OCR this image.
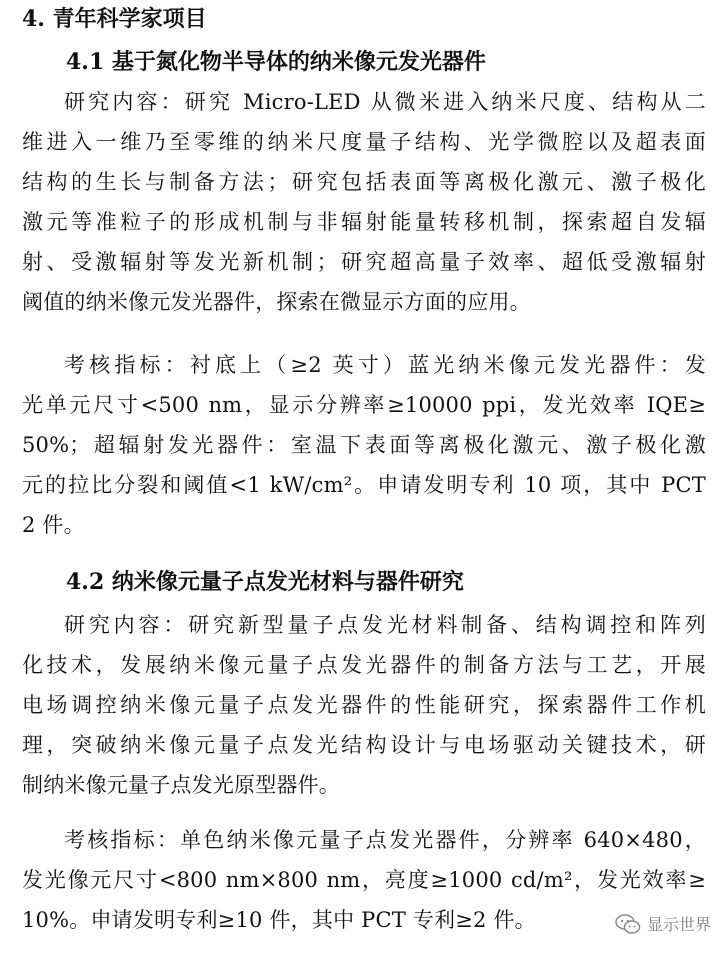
4. 青年科学家项目
4.1 基于氮化物半导体的纳米像元发光器件
研究内容：研究 Micro-LED 从微米进入纳米尺度、结构从二
维进入一维乃至零维的纳米尺度量子结构、光学微腔以及超表面
结构的生长与制备方法；研究包括表面等离极化激元、激子极化
激元等准粒子的形成机制与非辐射能量转移机制，探索超自发辐
射、受激辐射等发光新机制；研究超高量子效率、超低受激辐射
阈值的纳米像元发光器件，探索在微显示方面的应用。
考核指标：衬底上（≥2 英寸）蓝光纳米像元发光器件：发
光单元尺寸<500 nm，显示分辨率≥10000 ppi，发光效率 IQE≥
50%；超辐射发光器件：室温下表面等离极化激元、激子极化激
元的拉比分裂和阈值<1 kW/cm²。申请发明专利 10 项，其中 PCT
2 件。
4.2 纳米像元量子点发光材料与器件研究
研究内容：研究新型量子点发光材料制备、结构调控和阵列
化技术，发展纳米像元量子点发光器件的制备方法与工艺，开展
电场调控纳米像元量子点发光器件的性能研究，探索器件工作机
理，突破纳米像元量子点发光结构设计与电场驱动关键技术，研
制纳米像元量子点发光原型器件。
考核指标：单色纳米像元量子点发光器件，分辨率 640×480，
发光像元尺寸<800 nm×800 nm，亮度≥1000 cd/m²，发光效率≥
10%。申请发明专利≥10 件，其中 PCT 专利≥2 件。	显示世界
